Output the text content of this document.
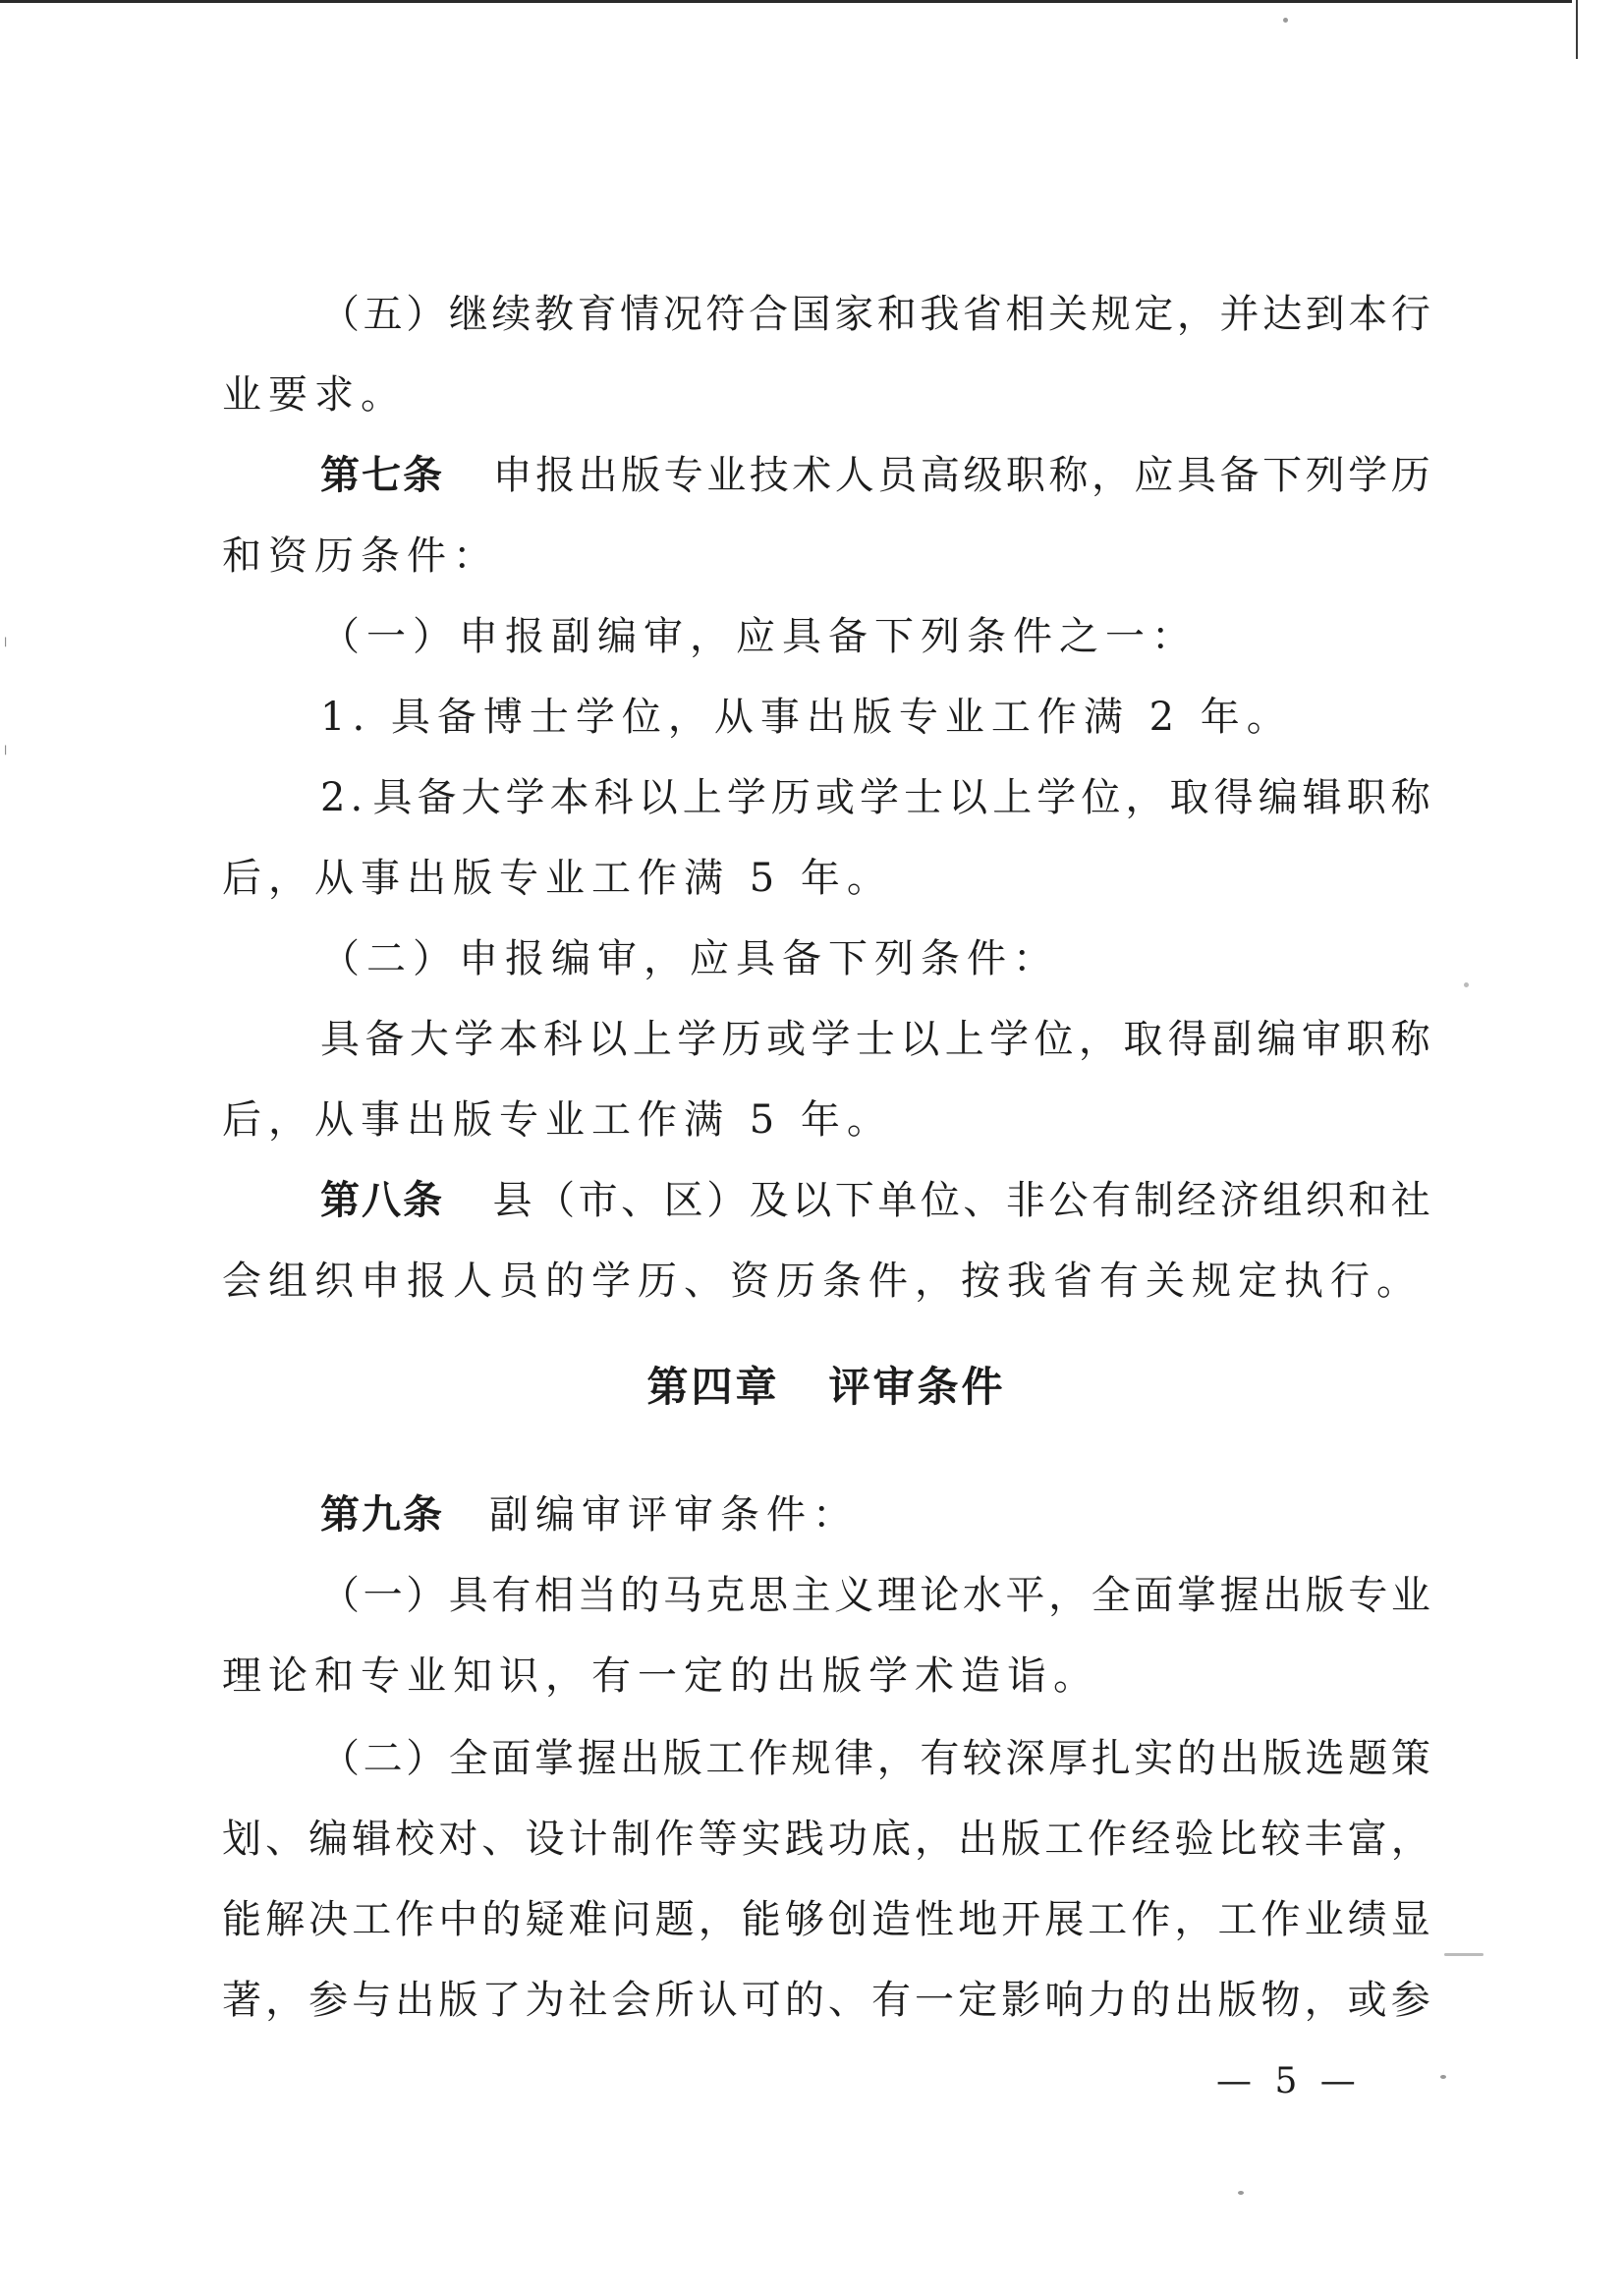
|
|
（ 五 ） 继 续 教 育 情 况 符 合 国 家 和 我 省 相 关 规 定 ， 并 达 到 本 行
业要求。
第七条 申 报 出 版 专 业 技 术 人 员 高 级 职 称 ， 应 具 备 下 列 学 历
和资历条件：
（一）申报副编审，应具备下列条件之一：
1. 具备博士学位，从事出版专业工作满 2 年。
2 . 具 备 大 学 本 科 以 上 学 历 或 学 士 以 上 学 位 ， 取 得 编 辑 职 称
后，从事出版专业工作满 5 年。
（二）申报编审，应具备下列条件：
具 备 大 学 本 科 以 上 学 历 或 学 士 以 上 学 位 ， 取 得 副 编 审 职 称
后，从事出版专业工作满 5 年。
第八条 县 （ 市 、 区 ） 及 以 下 单 位 、 非 公 有 制 经 济 组 织 和 社
会组织申报人员的学历、资历条件，按我省有关规定执行。
第四章 评审条件
第九条 副编审评审条件：
（ 一 ） 具 有 相 当 的 马 克 思 主 义 理 论 水 平 ， 全 面 掌 握 出 版 专 业
理论和专业知识，有一定的出版学术造诣。
（ 二 ） 全 面 掌 握 出 版 工 作 规 律 ， 有 较 深 厚 扎 实 的 出 版 选 题 策
划 、 编 辑 校 对 、 设 计 制 作 等 实 践 功 底 ， 出 版 工 作 经 验 比 较 丰 富 ，
能 解 决 工 作 中 的 疑 难 问 题 ， 能 够 创 造 性 地 开 展 工 作 ， 工 作 业 绩 显
著 ， 参 与 出 版 了 为 社 会 所 认 可 的 、 有 一 定 影 响 力 的 出 版 物 ， 或 参
— 5 —
